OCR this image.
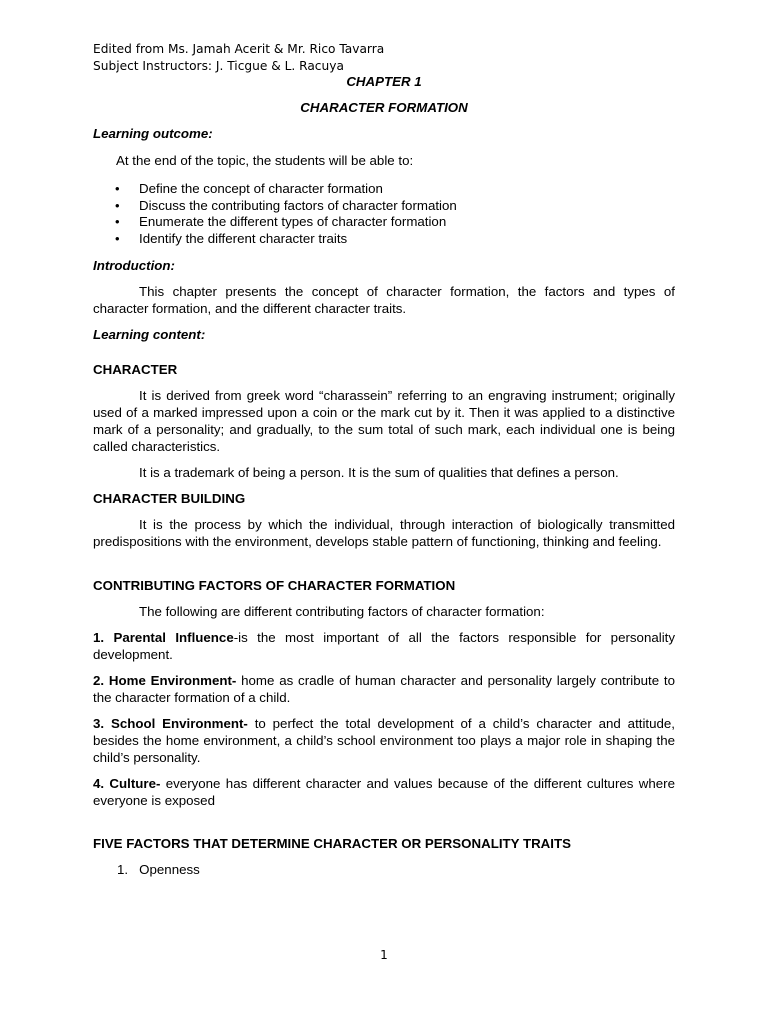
Edited from Ms. Jamah Acerit & Mr. Rico Tavarra
Subject Instructors: J. Ticgue & L. Racuya
CHAPTER 1
CHARACTER FORMATION
Learning outcome:

At the end of the topic, the students will be able to:

• Define the concept of character formation
• Discuss the contributing factors of character formation
• Enumerate the different types of character formation
• Identify the different character traits
Introduction:

This chapter presents the concept of character formation, the factors and types of character formation, and the different character traits.

Learning content:
CHARACTER

It is derived from greek word “charassein” referring to an engraving instrument; originally used of a marked impressed upon a coin or the mark cut by it. Then it was applied to a distinctive mark of a personality; and gradually, to the sum total of such mark, each individual one is being called characteristics.

It is a trademark of being a person. It is the sum of qualities that defines a person.

CHARACTER BUILDING

It is the process by which the individual, through interaction of biologically transmitted predispositions with the environment, develops stable pattern of functioning, thinking and feeling.

CONTRIBUTING FACTORS OF CHARACTER FORMATION

The following are different contributing factors of character formation:

1. Parental Influence-is the most important of all the factors responsible for personality development.

2. Home Environment- home as cradle of human character and personality largely contribute to the character formation of a child.

3. School Environment- to perfect the total development of a child’s character and attitude, besides the home environment, a child’s school environment too plays a major role in shaping the child’s personality.

4. Culture- everyone has different character and values because of the different cultures where everyone is exposed

FIVE FACTORS THAT DETERMINE CHARACTER OR PERSONALITY TRAITS
1.   Openness
1
